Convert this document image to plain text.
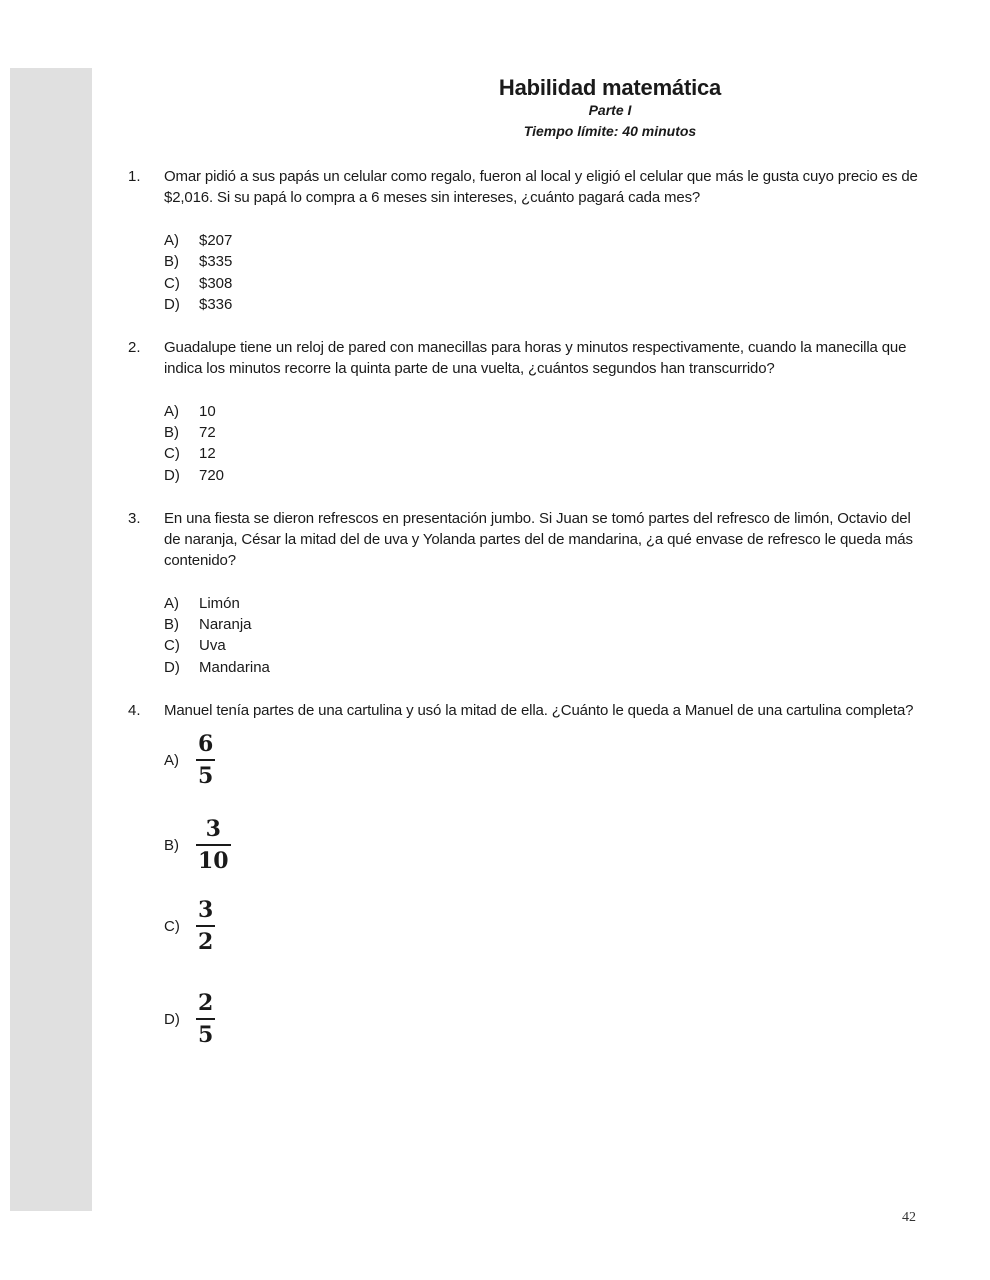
Habilidad matemática
Parte I
Tiempo límite: 40 minutos
1. Omar pidió a sus papás un celular como regalo, fueron al local y eligió el celular que más le gusta cuyo precio es de $2,016. Si su papá lo compra a 6 meses sin intereses, ¿cuánto pagará cada mes?
A)	$207
B)	$335
C)	$308
D)	$336
2. Guadalupe tiene un reloj de pared con manecillas para horas y minutos respectivamente, cuando la manecilla que indica los minutos recorre la quinta parte de una vuelta, ¿cuántos segundos han transcurrido?
A)	10
B)	72
C)	12
D)	720
3. En una fiesta se dieron refrescos en presentación jumbo. Si Juan se tomó partes del refresco de limón, Octavio del de naranja, César la mitad del de uva y Yolanda partes del de mandarina, ¿a qué envase de refresco le queda más contenido?
A)	Limón
B)	Naranja
C)	Uva
D)	Mandarina
4. Manuel tenía partes de una cartulina y usó la mitad de ella. ¿Cuánto le queda a Manuel de una cartulina completa?
$A) \frac{6}{5}$
$B) \frac{3}{10}$
$C) \frac{3}{2}$
$D) \frac{2}{5}$
42
